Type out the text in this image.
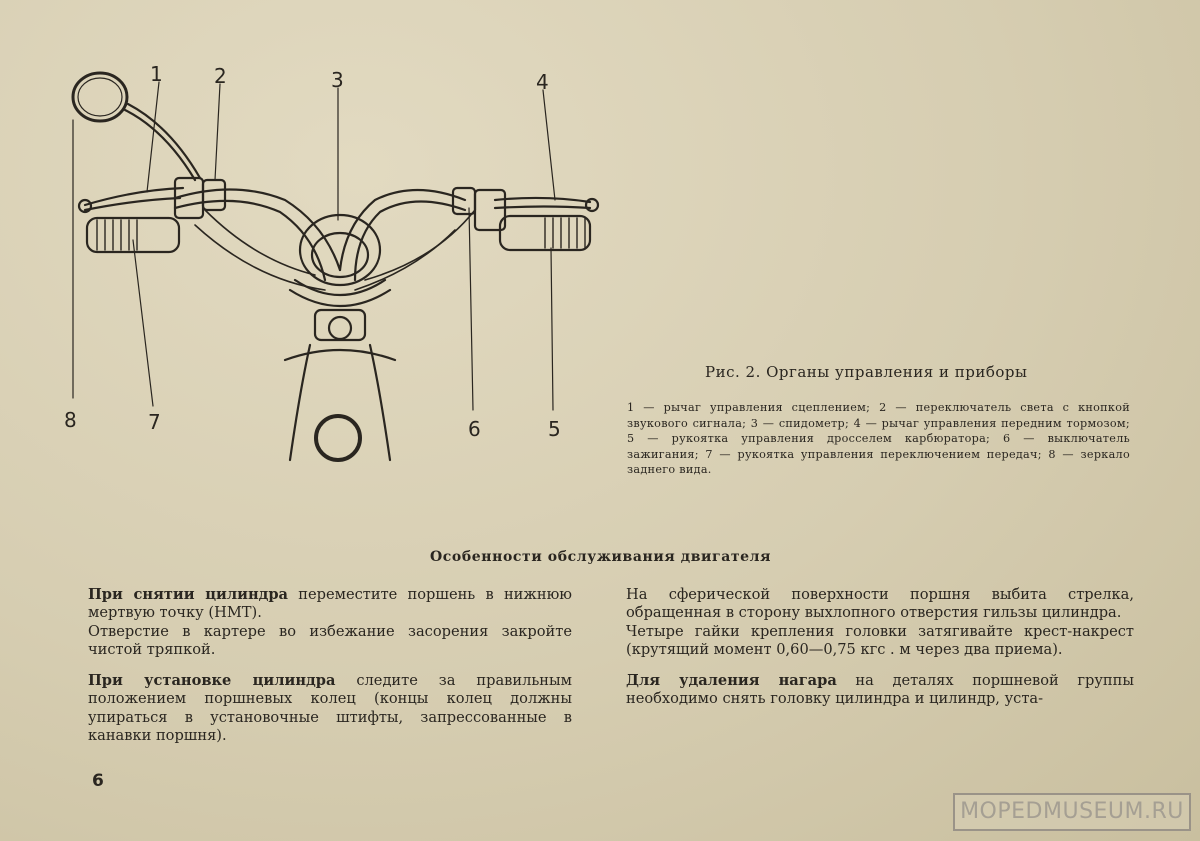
1	2	3	4
8	7	6	5
Рис. 2. Органы управления и приборы
1 — рычаг управления сцеплением; 2 — переключатель света с кнопкой звукового сигнала; 3 — спидометр; 4 — рычаг управления передним тормозом; 5 — рукоятка управления дросселем карбюратора; 6 — выключатель зажигания; 7 — рукоятка управления переключением передач; 8 — зеркало заднего вида.
Особенности обслуживания двигателя

При снятии цилиндра переместите поршень в нижнюю мертвую точку (НМТ).

Отверстие в картере во избежание засорения закройте чистой тряпкой.

При установке цилиндра следите за правильным положением поршневых колец (концы колец должны упираться в установочные штифты, запрессованные в канавки поршня).

На сферической поверхности поршня выбита стрелка, обращенная в сторону выхлопного отверстия гильзы цилиндра.

Четыре гайки крепления головки затягивайте крест-накрест (крутящий момент 0,60—0,75 кгс . м через два приема).

Для удаления нагара на деталях поршневой группы необходимо снять головку цилиндра и цилиндр, уста-

6
MOPEDMUSEUM.RU
